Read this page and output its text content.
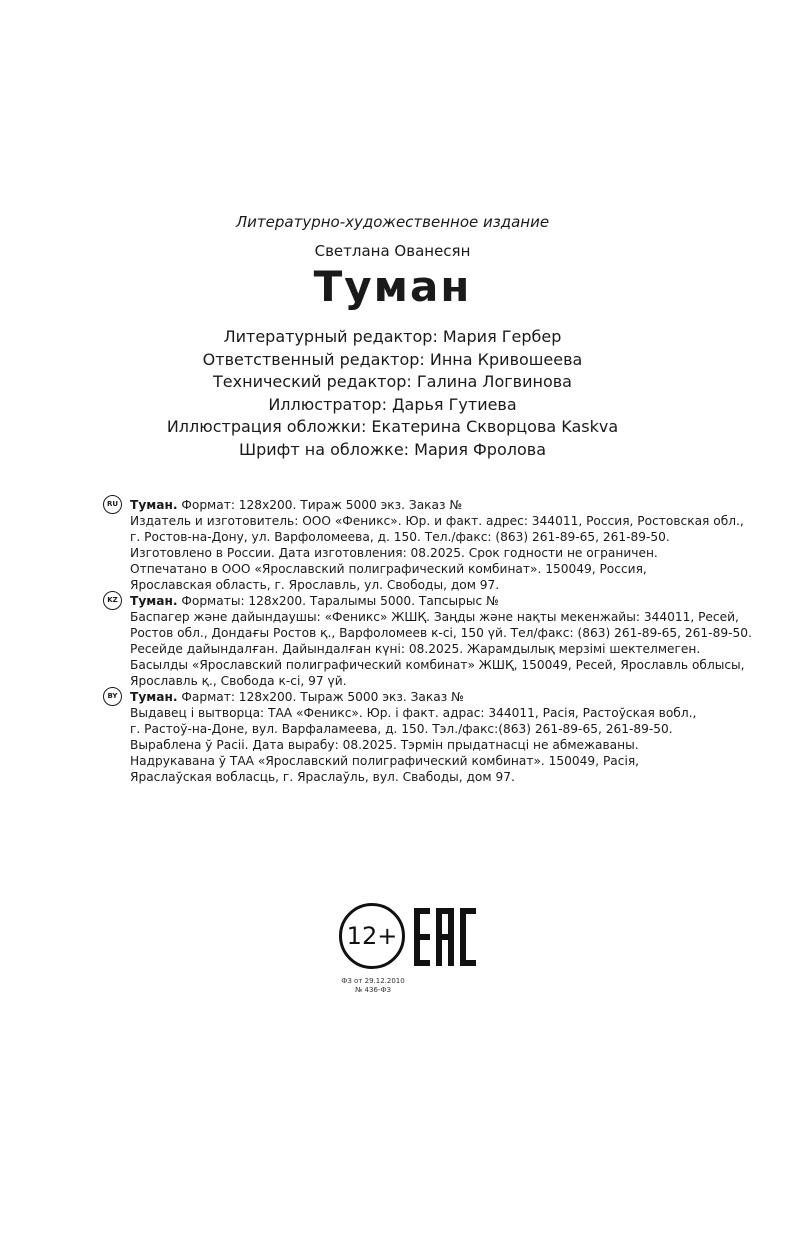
Литературно-художественное издание
Светлана Ованесян
Туман
Литературный редактор: Мария Гербер
Ответственный редактор: Инна Кривошеева
Технический редактор: Галина Логвинова
Иллюстратор: Дарья Гутиева
Иллюстрация обложки: Екатерина Скворцова Kaskva
Шрифт на обложке: Мария Фролова
RU Туман. Формат: 128x200. Тираж 5000 экз. Заказ №
Издатель и изготовитель: ООО «Феникс». Юр. и факт. адрес: 344011, Россия, Ростовская обл.,
г. Ростов-на-Дону, ул. Варфоломеева, д. 150. Тел./факс: (863) 261-89-65, 261-89-50.
Изготовлено в России. Дата изготовления: 08.2025. Срок годности не ограничен.
Отпечатано в ООО «Ярославский полиграфический комбинат». 150049, Россия,
Ярославская область, г. Ярославль, ул. Свободы, дом 97.
KZ	Туман. Форматы: 128x200. Таралымы 5000. Тапсырыс №
Баспагер және дайындаушы: «Феникс» ЖШҚ. Заңды және нақты мекенжайы: 344011, Ресей,
Ростов обл., Дондағы Ростов қ., Варфоломеев к-сі, 150 үй. Тел/факс: (863) 261-89-65, 261-89-50.
Ресейде дайындалған. Дайындалған күні: 08.2025. Жарамдылық мерзімі шектелмеген.
Басылды «Ярославский полиграфический комбинат» ЖШҚ, 150049, Ресей, Ярославль облысы,
Ярославль қ., Свобода к-сі, 97 үй.
BY	Туман. Фармат: 128x200. Тыраж 5000 экз. Заказ №
Выдавец і вытворца: ТАА «Феникс». Юр. і факт. адрас: 344011, Расія, Растоўская вобл.,
г. Растоў-на-Доне, вул. Варфаламеева, д. 150. Тэл./факс:(863) 261-89-65, 261-89-50.
Выраблена ў Расіі. Дата вырабу: 08.2025. Тэрмін прыдатнасці не абмежаваны.
Надрукавана ў ТАА «Ярославский полиграфический комбинат». 150049, Расія,
Яраслаўская вобласць, г. Яраслаўль, вул. Свабоды, дом 97.
12+
ФЗ от 29.12.2010
№ 436-ФЗ
